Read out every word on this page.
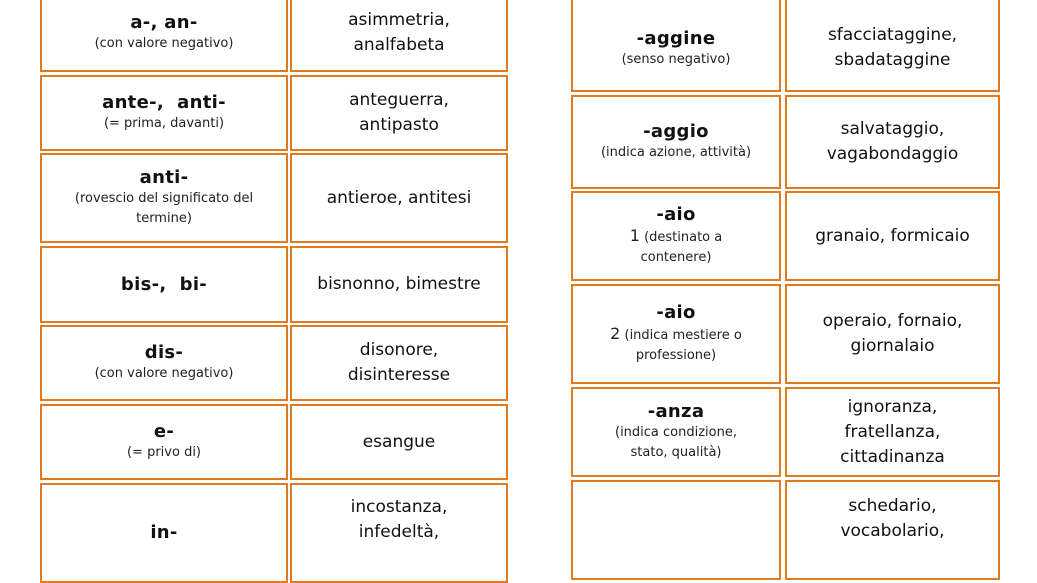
a-, an-
(con valore negativo)
asimmetria,
analfabeta
ante-,  anti-
(= prima, davanti)
anteguerra,
antipasto
anti-
(rovescio del significato del
termine)
antieroe, antitesi
bis-,  bi-	bisnonno, bimestre
dis-
(con valore negativo)
disonore,
disinteresse
e-
(= privo di)
esangue
in-
incostanza,
infedeltà,
-aggine
(senso negativo)
sfacciataggine,
sbadataggine
-aggio
(indica azione, attività)
salvataggio,
vagabondaggio
-aio
1 (destinato a
contenere)
granaio, formicaio
-aio
2 (indica mestiere o
professione)
operaio, fornaio,
giornalaio
-anza
(indica condizione,
stato, qualità)
ignoranza,
fratellanza,
cittadinanza
schedario,
vocabolario,
